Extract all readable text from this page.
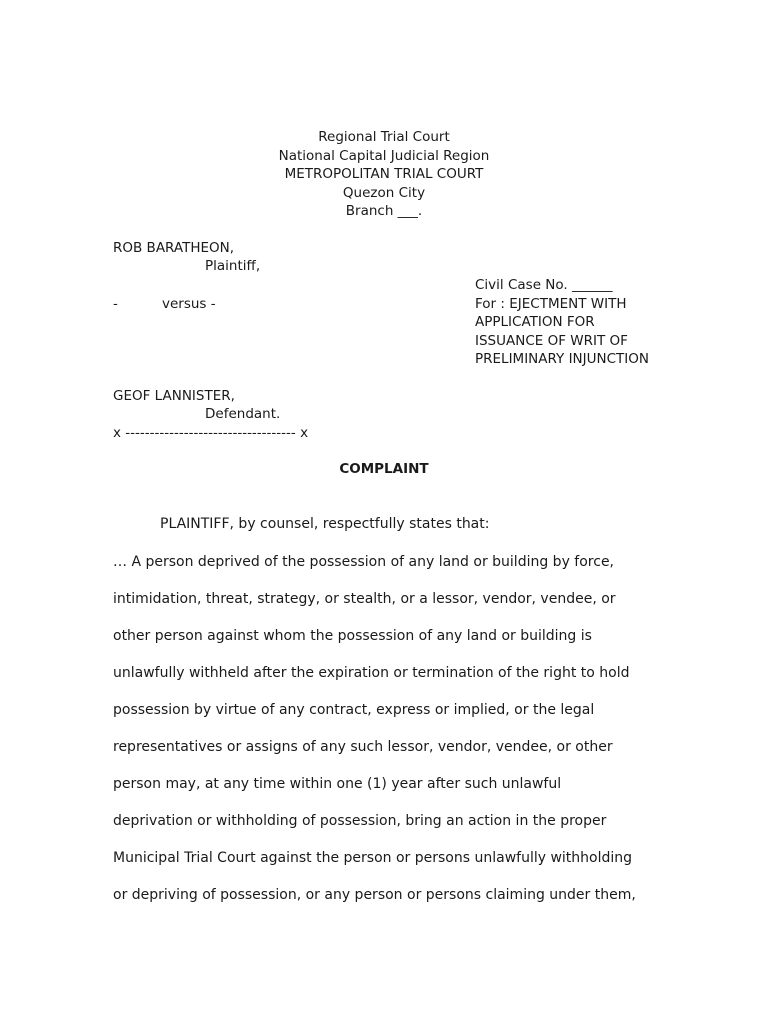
Regional Trial Court
National Capital Judicial Region
METROPOLITAN TRIAL COURT
Quezon City
Branch ___.
ROB BARATHEON,
Plaintiff,
-	versus -
GEOF LANNISTER,
Defendant.
x ----------------------------------- x
Civil Case No. ______
For : EJECTMENT WITH
APPLICATION FOR
ISSUANCE OF WRIT OF
PRELIMINARY INJUNCTION
COMPLAINT
PLAINTIFF, by counsel, respectfully states that:
… A person deprived of the possession of any land or building by force,
intimidation, threat, strategy, or stealth, or a lessor, vendor, vendee, or
other person against whom the possession of any land or building is
unlawfully withheld after the expiration or termination of the right to hold
possession by virtue of any contract, express or implied, or the legal
representatives or assigns of any such lessor, vendor, vendee, or other
person may, at any time within one (1) year after such unlawful
deprivation or withholding of possession, bring an action in the proper
Municipal Trial Court against the person or persons unlawfully withholding
or depriving of possession, or any person or persons claiming under them,
